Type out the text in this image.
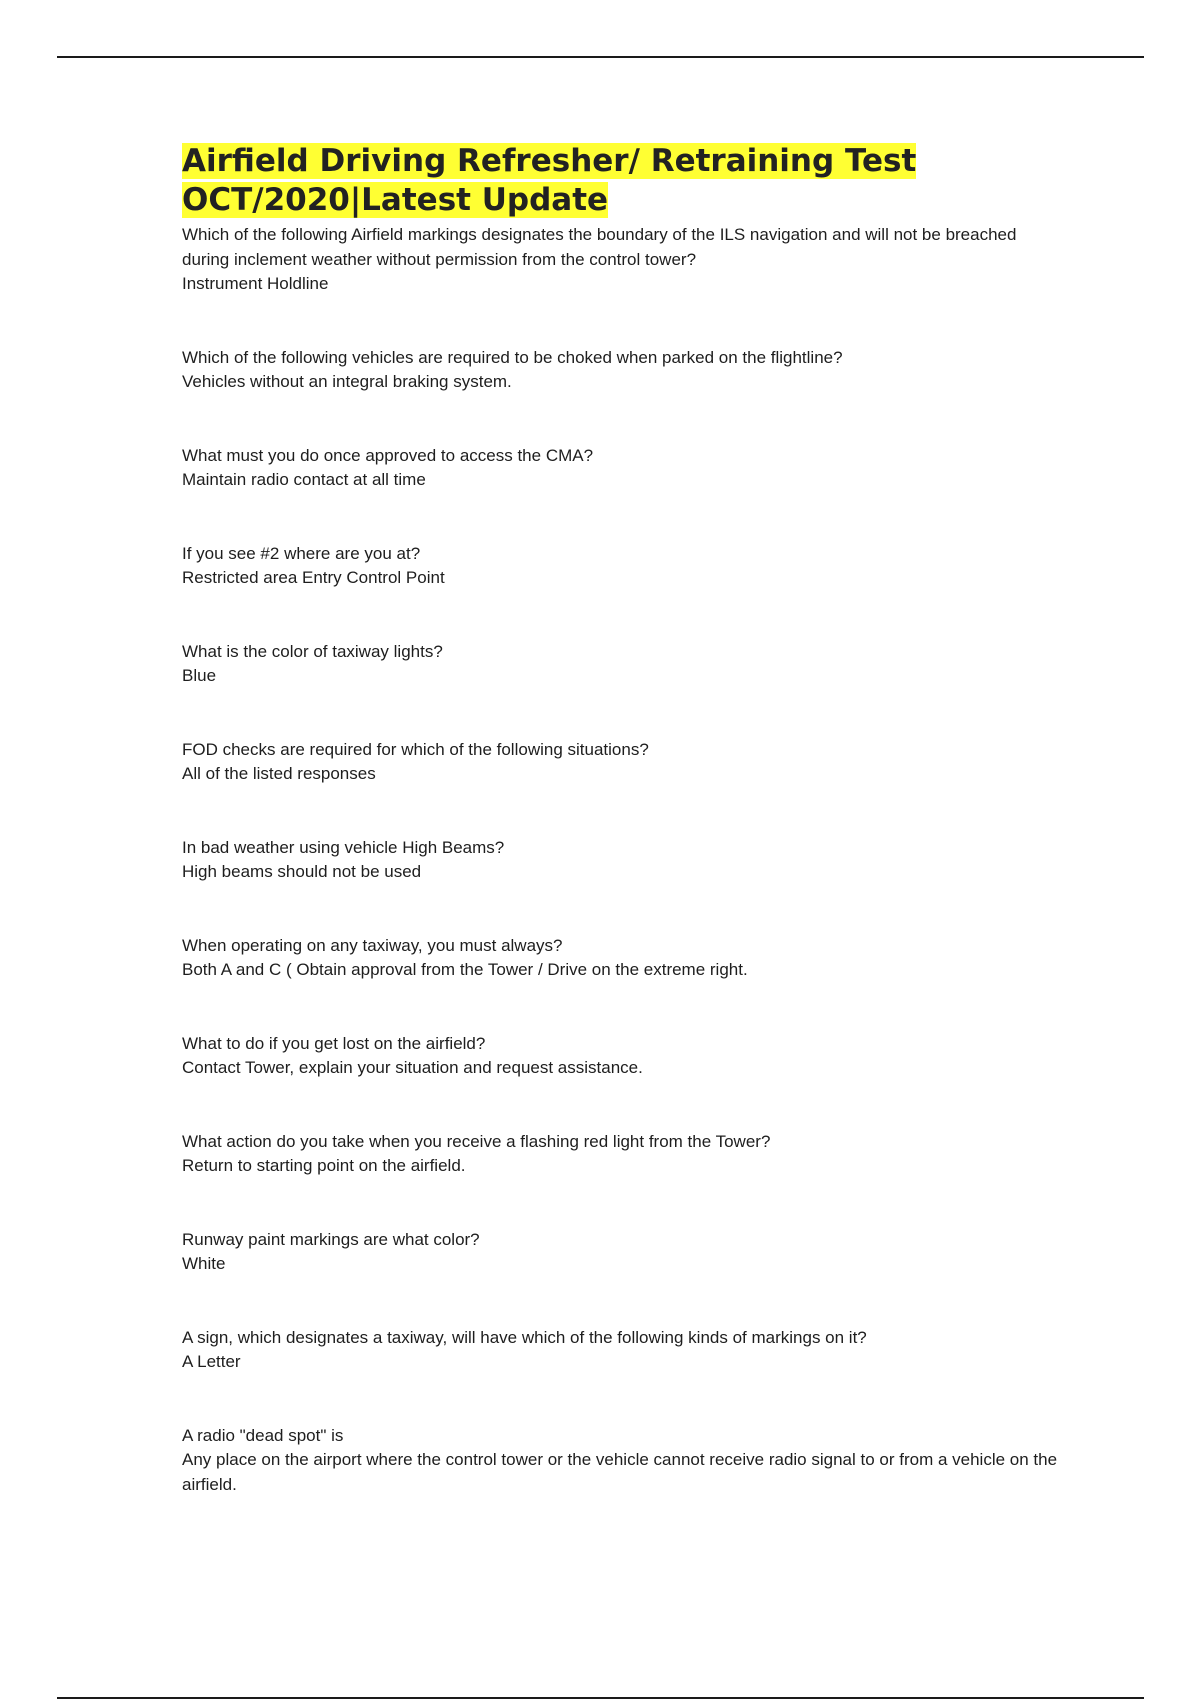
Airfield Driving Refresher/ Retraining Test
OCT/2020|Latest Update

Which of the following Airfield markings designates the boundary of the ILS navigation and will not be breached during inclement weather without permission from the control tower?

Instrument Holdline

Which of the following vehicles are required to be choked when parked on the flightline?

Vehicles without an integral braking system.

What must you do once approved to access the CMA?

Maintain radio contact at all time

If you see #2 where are you at?

Restricted area Entry Control Point

What is the color of taxiway lights?

Blue

FOD checks are required for which of the following situations?

All of the listed responses

In bad weather using vehicle High Beams?

High beams should not be used

When operating on any taxiway, you must always?

Both A and C ( Obtain approval from the Tower / Drive on the extreme right.

What to do if you get lost on the airfield?

Contact Tower, explain your situation and request assistance.

What action do you take when you receive a flashing red light from the Tower?

Return to starting point on the airfield.

Runway paint markings are what color?

White

A sign, which designates a taxiway, will have which of the following kinds of markings on it?

A Letter

A radio "dead spot" is

Any place on the airport where the control tower or the vehicle cannot receive radio signal to or from a vehicle on the airfield.
